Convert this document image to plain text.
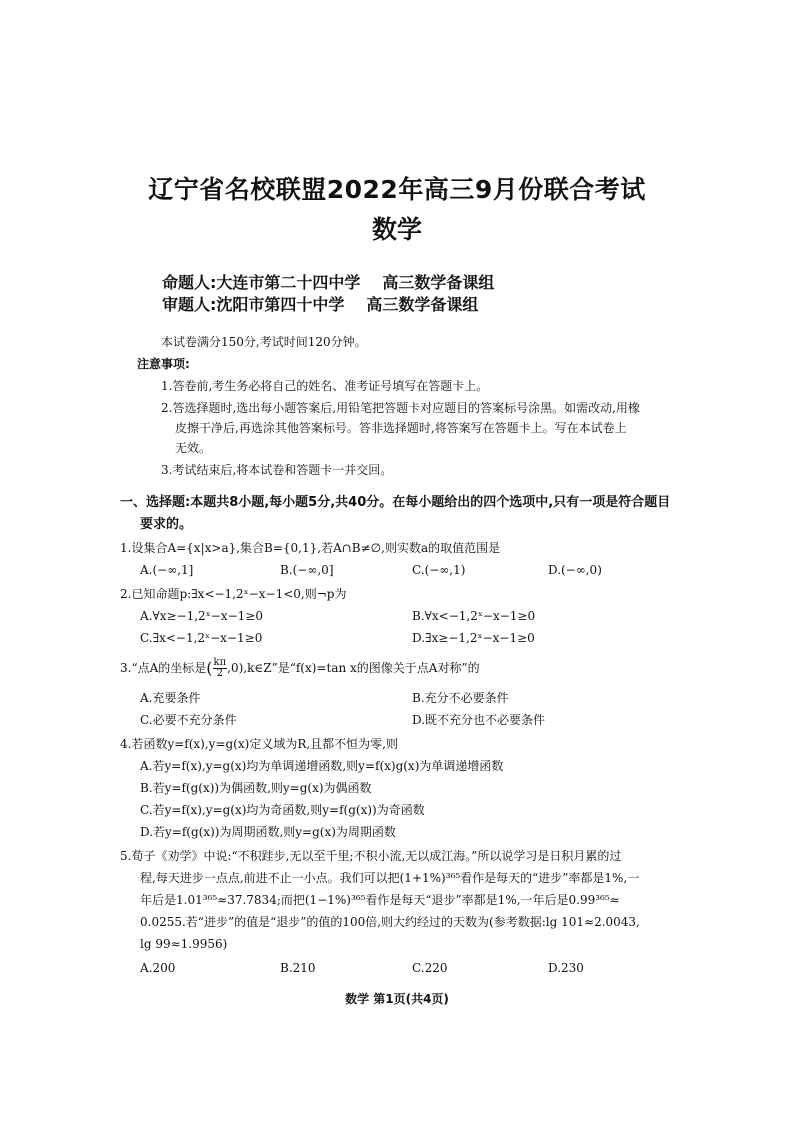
辽宁省名校联盟2022年高三9月份联合考试
数学
命题人:大连市第二十四中学 高三数学备课组
审题人:沈阳市第四十中学 高三数学备课组
本试卷满分150分,考试时间120分钟。
注意事项:
1.答卷前,考生务必将自己的姓名、准考证号填写在答题卡上。
2.答选择题时,选出每小题答案后,用铅笔把答题卡对应题目的答案标号涂黑。如需改动,用橡
皮擦干净后,再选涂其他答案标号。答非选择题时,将答案写在答题卡上。写在本试卷上
无效。
3.考试结束后,将本试卷和答题卡一并交回。
一、选择题:本题共8小题,每小题5分,共40分。在每小题给出的四个选项中,只有一项是符合题目
要求的。
1.设集合A={x|x>a},集合B={0,1},若A∩B≠∅,则实数a的取值范围是
A.(−∞,1]	B.(−∞,0]	C.(−∞,1)	D.(−∞,0)
2.已知命题p:∃x<−1,2ˣ−x−1<0,则¬p为
A.∀x≥−1,2ˣ−x−1≥0	B.∀x<−1,2ˣ−x−1≥0
C.∃x<−1,2ˣ−x−1≥0	D.∃x≥−1,2ˣ−x−1≥0
3.“点A的坐标是( $\frac{k\pi}{2}$ ,0),k∈Z”是“f(x)=tan x的图像关于点A对称”的
A.充要条件	B.充分不必要条件
C.必要不充分条件	D.既不充分也不必要条件
4.若函数y=f(x),y=g(x)定义域为R,且都不恒为零,则
A.若y=f(x),y=g(x)均为单调递增函数,则y=f(x)g(x)为单调递增函数
B.若y=f(g(x))为偶函数,则y=g(x)为偶函数
C.若y=f(x),y=g(x)均为奇函数,则y=f(g(x))为奇函数
D.若y=f(g(x))为周期函数,则y=g(x)为周期函数
5.荀子《劝学》中说:“不积跬步,无以至千里;不积小流,无以成江海。”所以说学习是日积月累的过
程,每天进步一点点,前进不止一小点。我们可以把(1+1%)³⁶⁵看作是每天的“进步”率都是1%,一
年后是1.01³⁶⁵≈37.7834;而把(1−1%)³⁶⁵看作是每天“退步”率都是1%,一年后是0.99³⁶⁵≈
0.0255.若“进步”的值是“退步”的值的100倍,则大约经过的天数为(参考数据:lg 101≈2.0043,
lg 99≈1.9956)
A.200	B.210	C.220	D.230
数学 第1页(共4页)
